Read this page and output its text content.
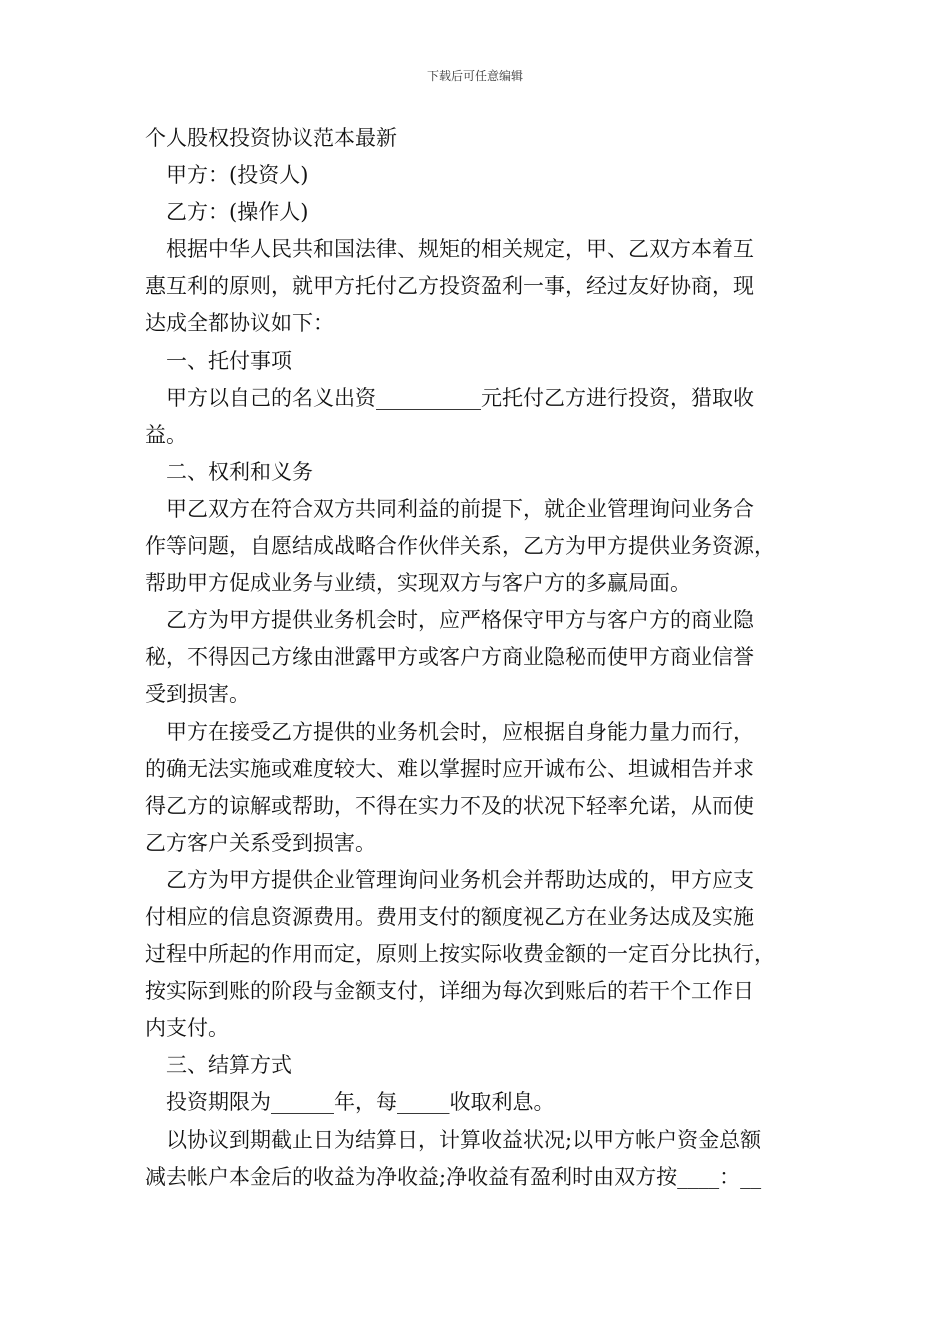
下载后可任意编辑
个人股权投资协议范本最新
甲方：(投资人)
乙方：(操作人)
根据中华人民共和国法律、规矩的相关规定，甲、乙双方本着互
惠互利的原则，就甲方托付乙方投资盈利一事，经过友好协商，现
达成全都协议如下：
一、托付事项
甲方以自己的名义出资__________元托付乙方进行投资，猎取收
益。
二、权利和义务
甲乙双方在符合双方共同利益的前提下，就企业管理询问业务合
作等问题，自愿结成战略合作伙伴关系，乙方为甲方提供业务资源，
帮助甲方促成业务与业绩，实现双方与客户方的多赢局面。
乙方为甲方提供业务机会时，应严格保守甲方与客户方的商业隐
秘，不得因己方缘由泄露甲方或客户方商业隐秘而使甲方商业信誉
受到损害。
甲方在接受乙方提供的业务机会时，应根据自身能力量力而行，
的确无法实施或难度较大、难以掌握时应开诚布公、坦诚相告并求
得乙方的谅解或帮助，不得在实力不及的状况下轻率允诺，从而使
乙方客户关系受到损害。
乙方为甲方提供企业管理询问业务机会并帮助达成的，甲方应支
付相应的信息资源费用。费用支付的额度视乙方在业务达成及实施
过程中所起的作用而定，原则上按实际收费金额的一定百分比执行，
按实际到账的阶段与金额支付，详细为每次到账后的若干个工作日
内支付。
三、结算方式
投资期限为______年，每_____收取利息。
以协议到期截止日为结算日，计算收益状况;以甲方帐户资金总额
减去帐户本金后的收益为净收益;净收益有盈利时由双方按____：__
